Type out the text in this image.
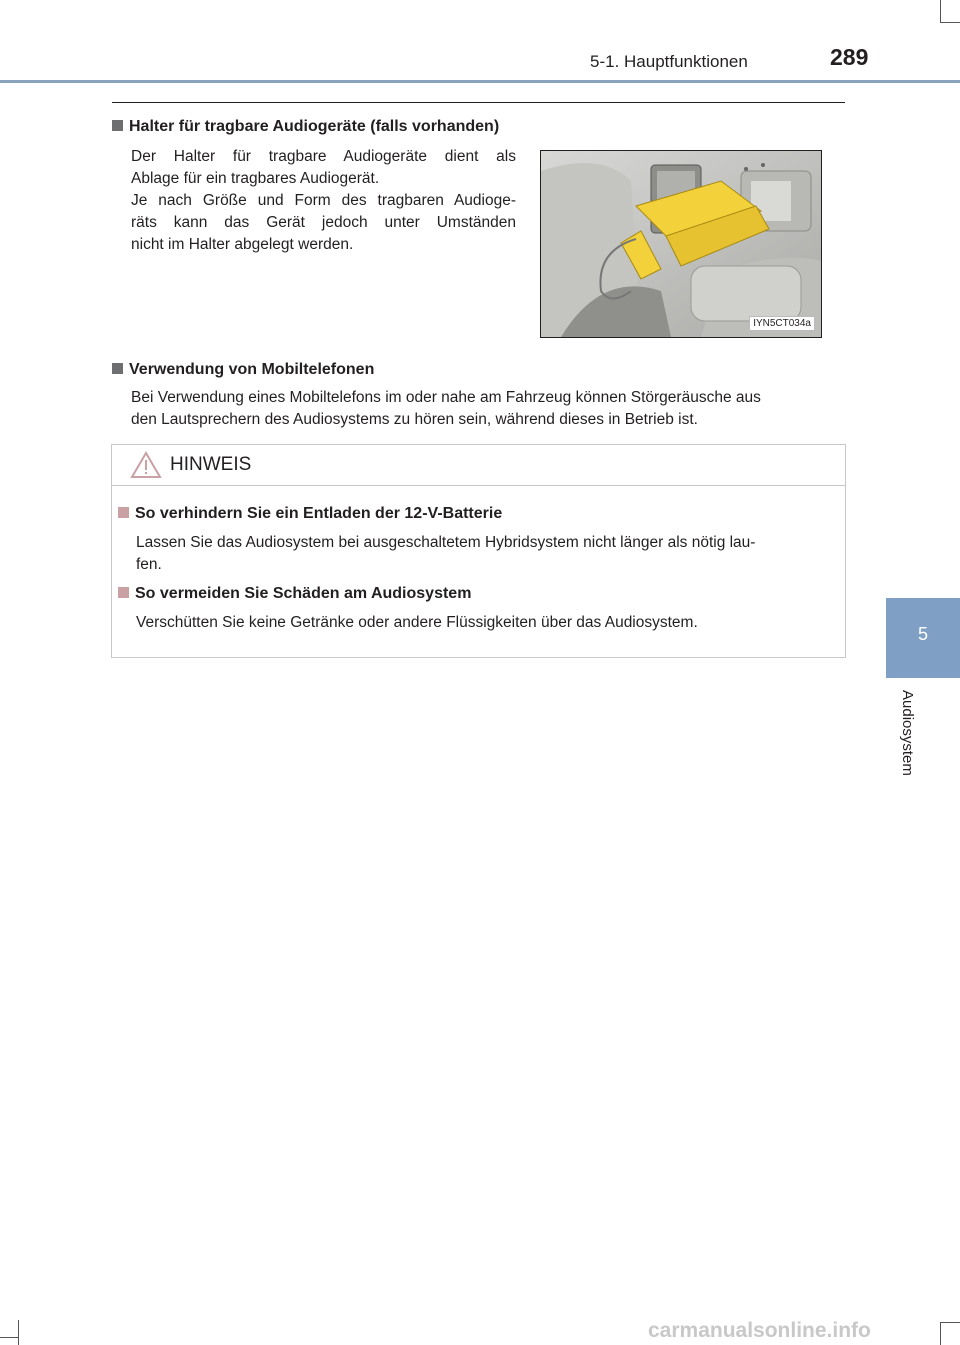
5-1. Hauptfunktionen	289
5
Audiosystem
Halter für tragbare Audiogeräte (falls vorhanden)
Der Halter für tragbare Audiogeräte dient als
Ablage für ein tragbares Audiogerät.
Je nach Größe und Form des tragbaren Audioge-
räts kann das Gerät jedoch unter Umständen
nicht im Halter abgelegt werden.
IYN5CT034a
Verwendung von Mobiltelefonen
Bei Verwendung eines Mobiltelefons im oder nahe am Fahrzeug können Störgeräusche aus
den Lautsprechern des Audiosystems zu hören sein, während dieses in Betrieb ist.
HINWEIS
So verhindern Sie ein Entladen der 12-V-Batterie
Lassen Sie das Audiosystem bei ausgeschaltetem Hybridsystem nicht länger als nötig lau-
fen.
So vermeiden Sie Schäden am Audiosystem
Verschütten Sie keine Getränke oder andere Flüssigkeiten über das Audiosystem.
carmanualsonline.info
